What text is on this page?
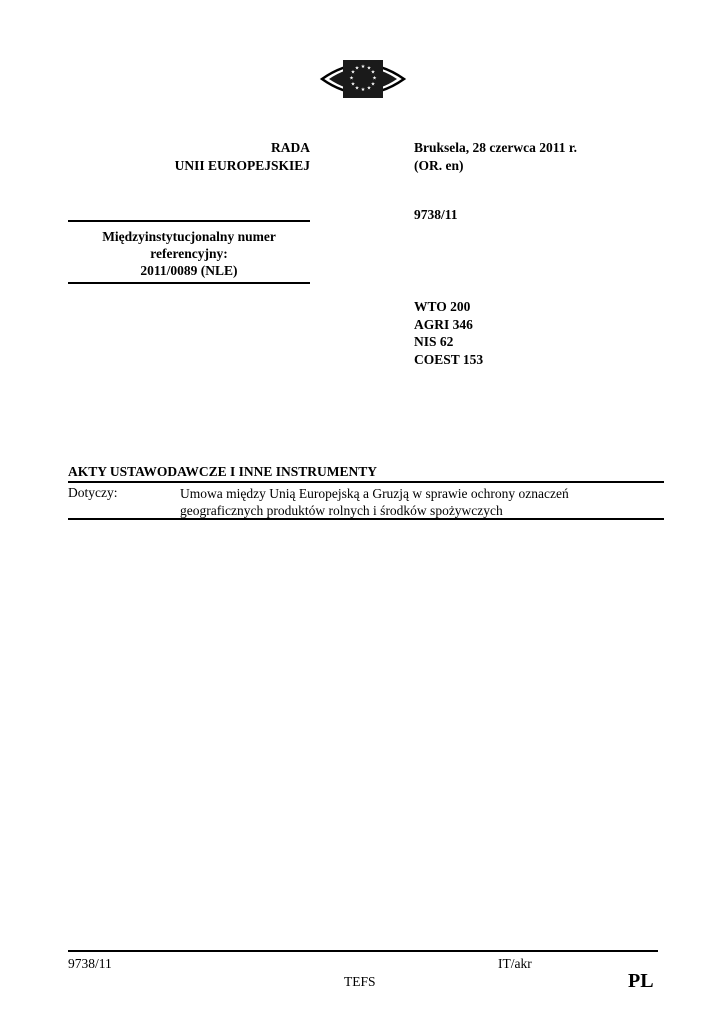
★ ★
★
★
★
★
★
★
★
★
★
★
RADA
UNII EUROPEJSKIEJ
Bruksela, 28 czerwca 2011 r.
(OR. en)
9738/11
Międzyinstytucjonalny numer
referencyjny:
2011/0089 (NLE)
WTO 200
AGRI 346
NIS 62
COEST 153
AKTY USTAWODAWCZE I INNE INSTRUMENTY
Dotyczy:	Umowa między Unią Europejską a Gruzją w sprawie ochrony oznaczeń
geograficznych produktów rolnych i środków spożywczych
9738/11	IT/akr
TEFS	PL
